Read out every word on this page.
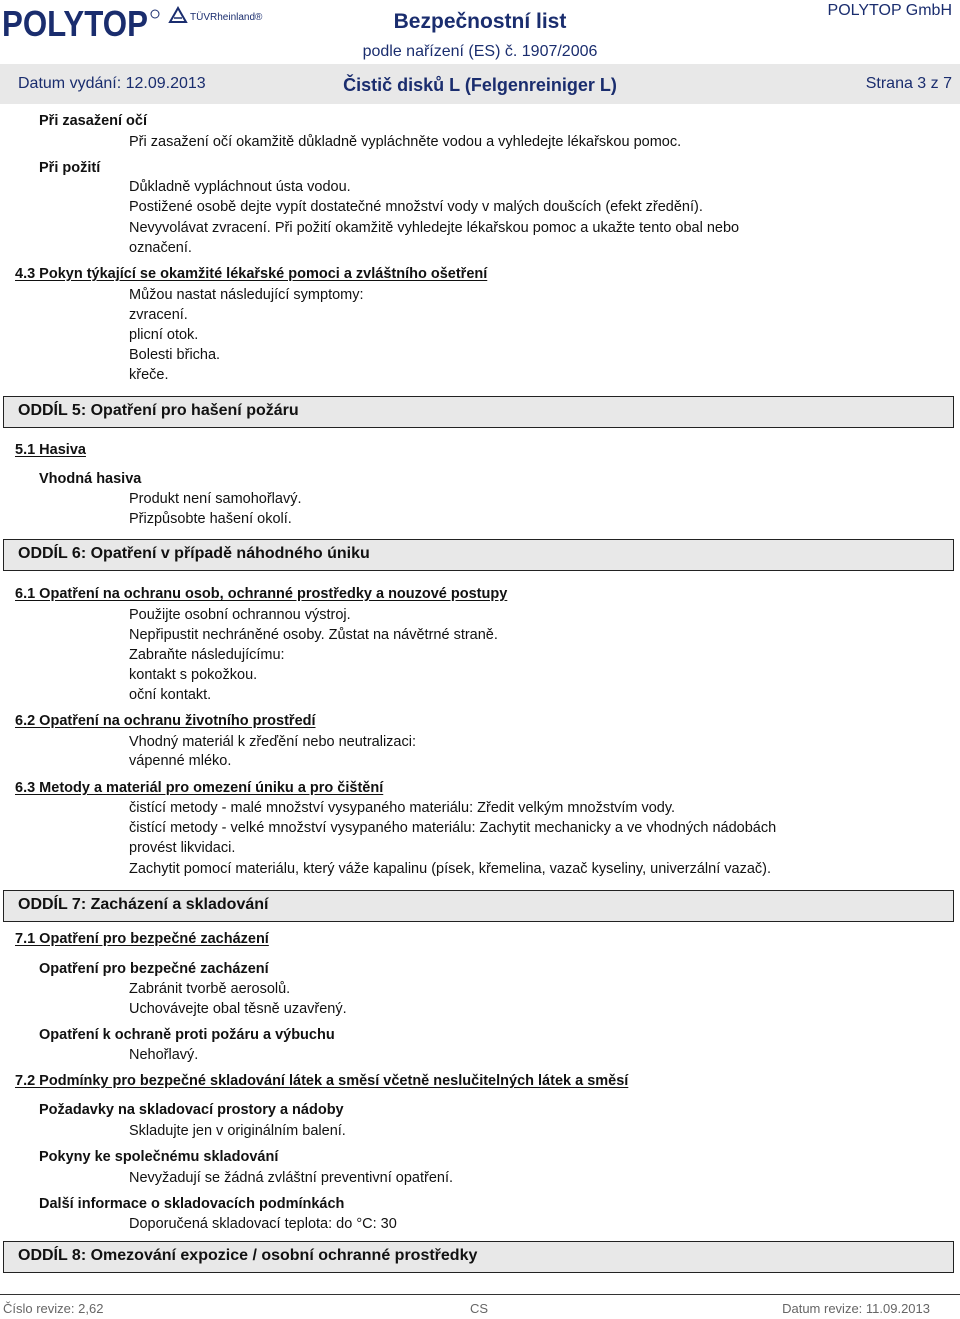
POLYTOP	TÜVRheinland®	Bezpečnostní list
podle nařízení (ES) č. 1907/2006
POLYTOP GmbH
Datum vydání: 12.09.2013	Čistič disků L (Felgenreiniger L)	Strana 3 z 7
Při zasažení očí
Při zasažení očí okamžitě důkladně vypláchněte vodou a vyhledejte lékařskou pomoc.
Při požití
Důkladně vypláchnout ústa vodou.
Postižené osobě dejte vypít dostatečné množství vody v malých doušcích (efekt zředění).
Nevyvolávat zvracení. Při požití okamžitě vyhledejte lékařskou pomoc a ukažte tento obal nebo
označení.
4.3 Pokyn týkající se okamžité lékařské pomoci a zvláštního ošetření
Můžou nastat následující symptomy:
zvracení.
plicní otok.
Bolesti břicha.
křeče.
ODDÍL 5: Opatření pro hašení požáru
5.1 Hasiva
Vhodná hasiva
Produkt není samohořlavý.
Přizpůsobte hašení okolí.
ODDÍL 6: Opatření v případě náhodného úniku
6.1 Opatření na ochranu osob, ochranné prostředky a nouzové postupy
Použijte osobní ochrannou výstroj.
Nepřipustit nechráněné osoby. Zůstat na návětrné straně.
Zabraňte následujícímu:
kontakt s pokožkou.
oční kontakt.
6.2 Opatření na ochranu životního prostředí
Vhodný materiál k zřeďění nebo neutralizaci:
vápenné mléko.
6.3 Metody a materiál pro omezení úniku a pro čištění
čistící metody - malé množství vysypaného materiálu: Zředit velkým množstvím vody.
čistící metody - velké množství vysypaného materiálu: Zachytit mechanicky a ve vhodných nádobách
provést likvidaci.
Zachytit pomocí materiálu, který váže kapalinu (písek, křemelina, vazač kyseliny, univerzální vazač).
ODDÍL 7: Zacházení a skladování
7.1 Opatření pro bezpečné zacházení
Opatření pro bezpečné zacházení
Zabránit tvorbě aerosolů.
Uchovávejte obal těsně uzavřený.
Opatření k ochraně proti požáru a výbuchu
Nehořlavý.
7.2 Podmínky pro bezpečné skladování látek a směsí včetně neslučitelných látek a směsí
Požadavky na skladovací prostory a nádoby
Skladujte jen v originálním balení.
Pokyny ke společnému skladování
Nevyžadují se žádná zvláštní preventivní opatření.
Další informace o skladovacích podmínkách
Doporučená skladovací teplota: do °C: 30
ODDÍL 8: Omezování expozice / osobní ochranné prostředky
Číslo revize: 2,62	CS	Datum revize: 11.09.2013
